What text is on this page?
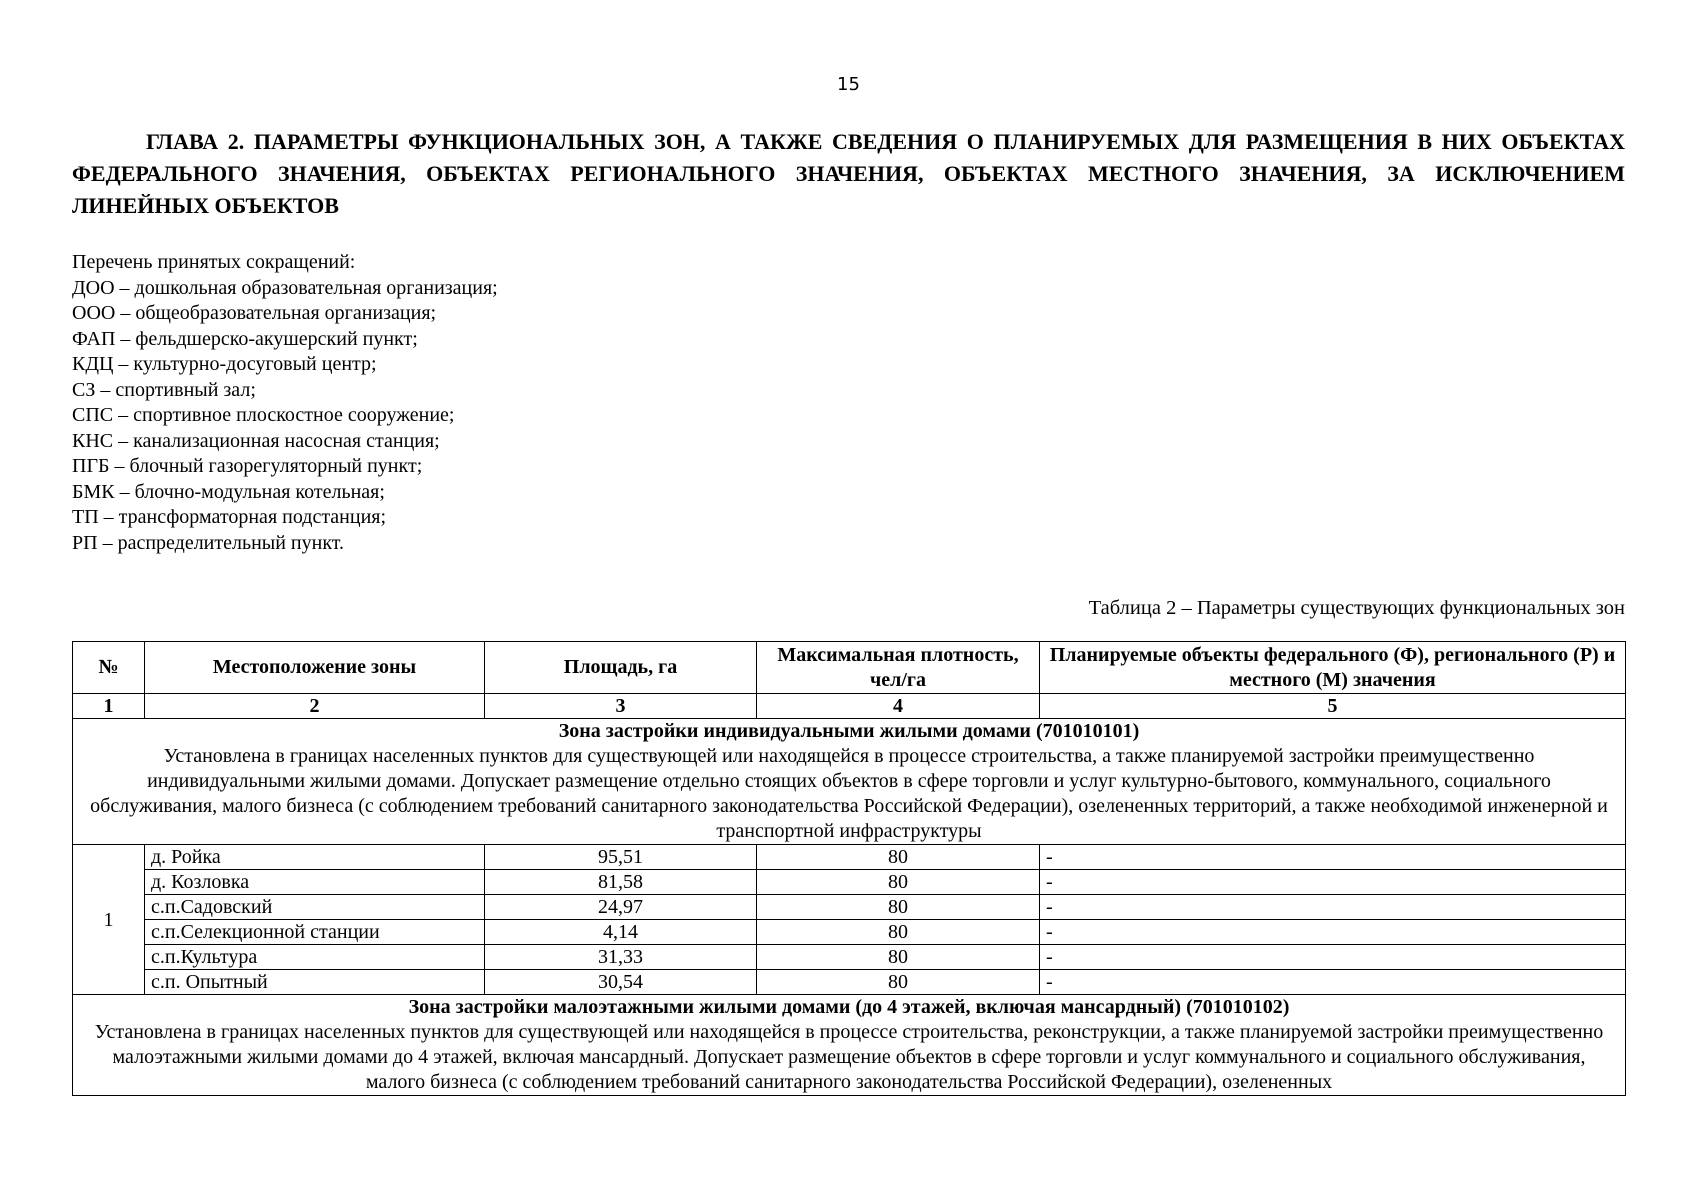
15

ГЛАВА 2. ПАРАМЕТРЫ ФУНКЦИОНАЛЬНЫХ ЗОН, А ТАКЖЕ СВЕДЕНИЯ О ПЛАНИРУЕМЫХ ДЛЯ РАЗМЕЩЕНИЯ В НИХ ОБЪЕКТАХ ФЕДЕРАЛЬНОГО ЗНАЧЕНИЯ, ОБЪЕКТАХ РЕГИОНАЛЬНОГО ЗНАЧЕНИЯ, ОБЪЕКТАХ МЕСТНОГО ЗНАЧЕНИЯ, ЗА ИСКЛЮЧЕНИЕМ ЛИНЕЙНЫХ ОБЪЕКТОВ

Перечень принятых сокращений:
ДОО – дошкольная образовательная организация;
ООО – общеобразовательная организация;
ФАП – фельдшерско-акушерский пункт;
КДЦ – культурно-досуговый центр;
СЗ – спортивный зал;
СПС – спортивное плоскостное сооружение;
КНС – канализационная насосная станция;
ПГБ – блочный газорегуляторный пункт;
БМК – блочно-модульная котельная;
ТП – трансформаторная подстанция;
РП – распределительный пункт.
Таблица 2 – Параметры существующих функциональных зон
№	Местоположение зоны	Площадь, га	Максимальная плотность, чел/га	Планируемые объекты федерального (Ф), регионального (Р) и местного (М) значения
1	2	3	4	5

Зона застройки индивидуальными жилыми домами (701010101)
Установлена в границах населенных пунктов для существующей или находящейся в процессе строительства, а также планируемой застройки преимущественно индивидуальными жилыми домами. Допускает размещение отдельно стоящих объектов в сфере торговли и услуг культурно-бытового, коммунального, социального обслуживания, малого бизнеса (с соблюдением требований санитарного законодательства Российской Федерации), озелененных территорий, а также необходимой инженерной и транспортной инфраструктуры				

1	д. Ройка	95,51	80	-
	д. Козловка	81,58	80	-
	с.п.Садовский	24,97	80	-
	с.п.Селекционной станции	4,14	80	-
	с.п.Культура	31,33	80	-
	с.п. Опытный	30,54	80	-

Зона застройки малоэтажными жилыми домами (до 4 этажей, включая мансардный) (701010102)
Установлена в границах населенных пунктов для существующей или находящейся в процессе строительства, реконструкции, а также планируемой застройки преимущественно малоэтажными жилыми домами до 4 этажей, включая мансардный. Допускает размещение объектов в сфере торговли и услуг коммунального и социального обслуживания, малого бизнеса (с соблюдением требований санитарного законодательства Российской Федерации), озелененных				
